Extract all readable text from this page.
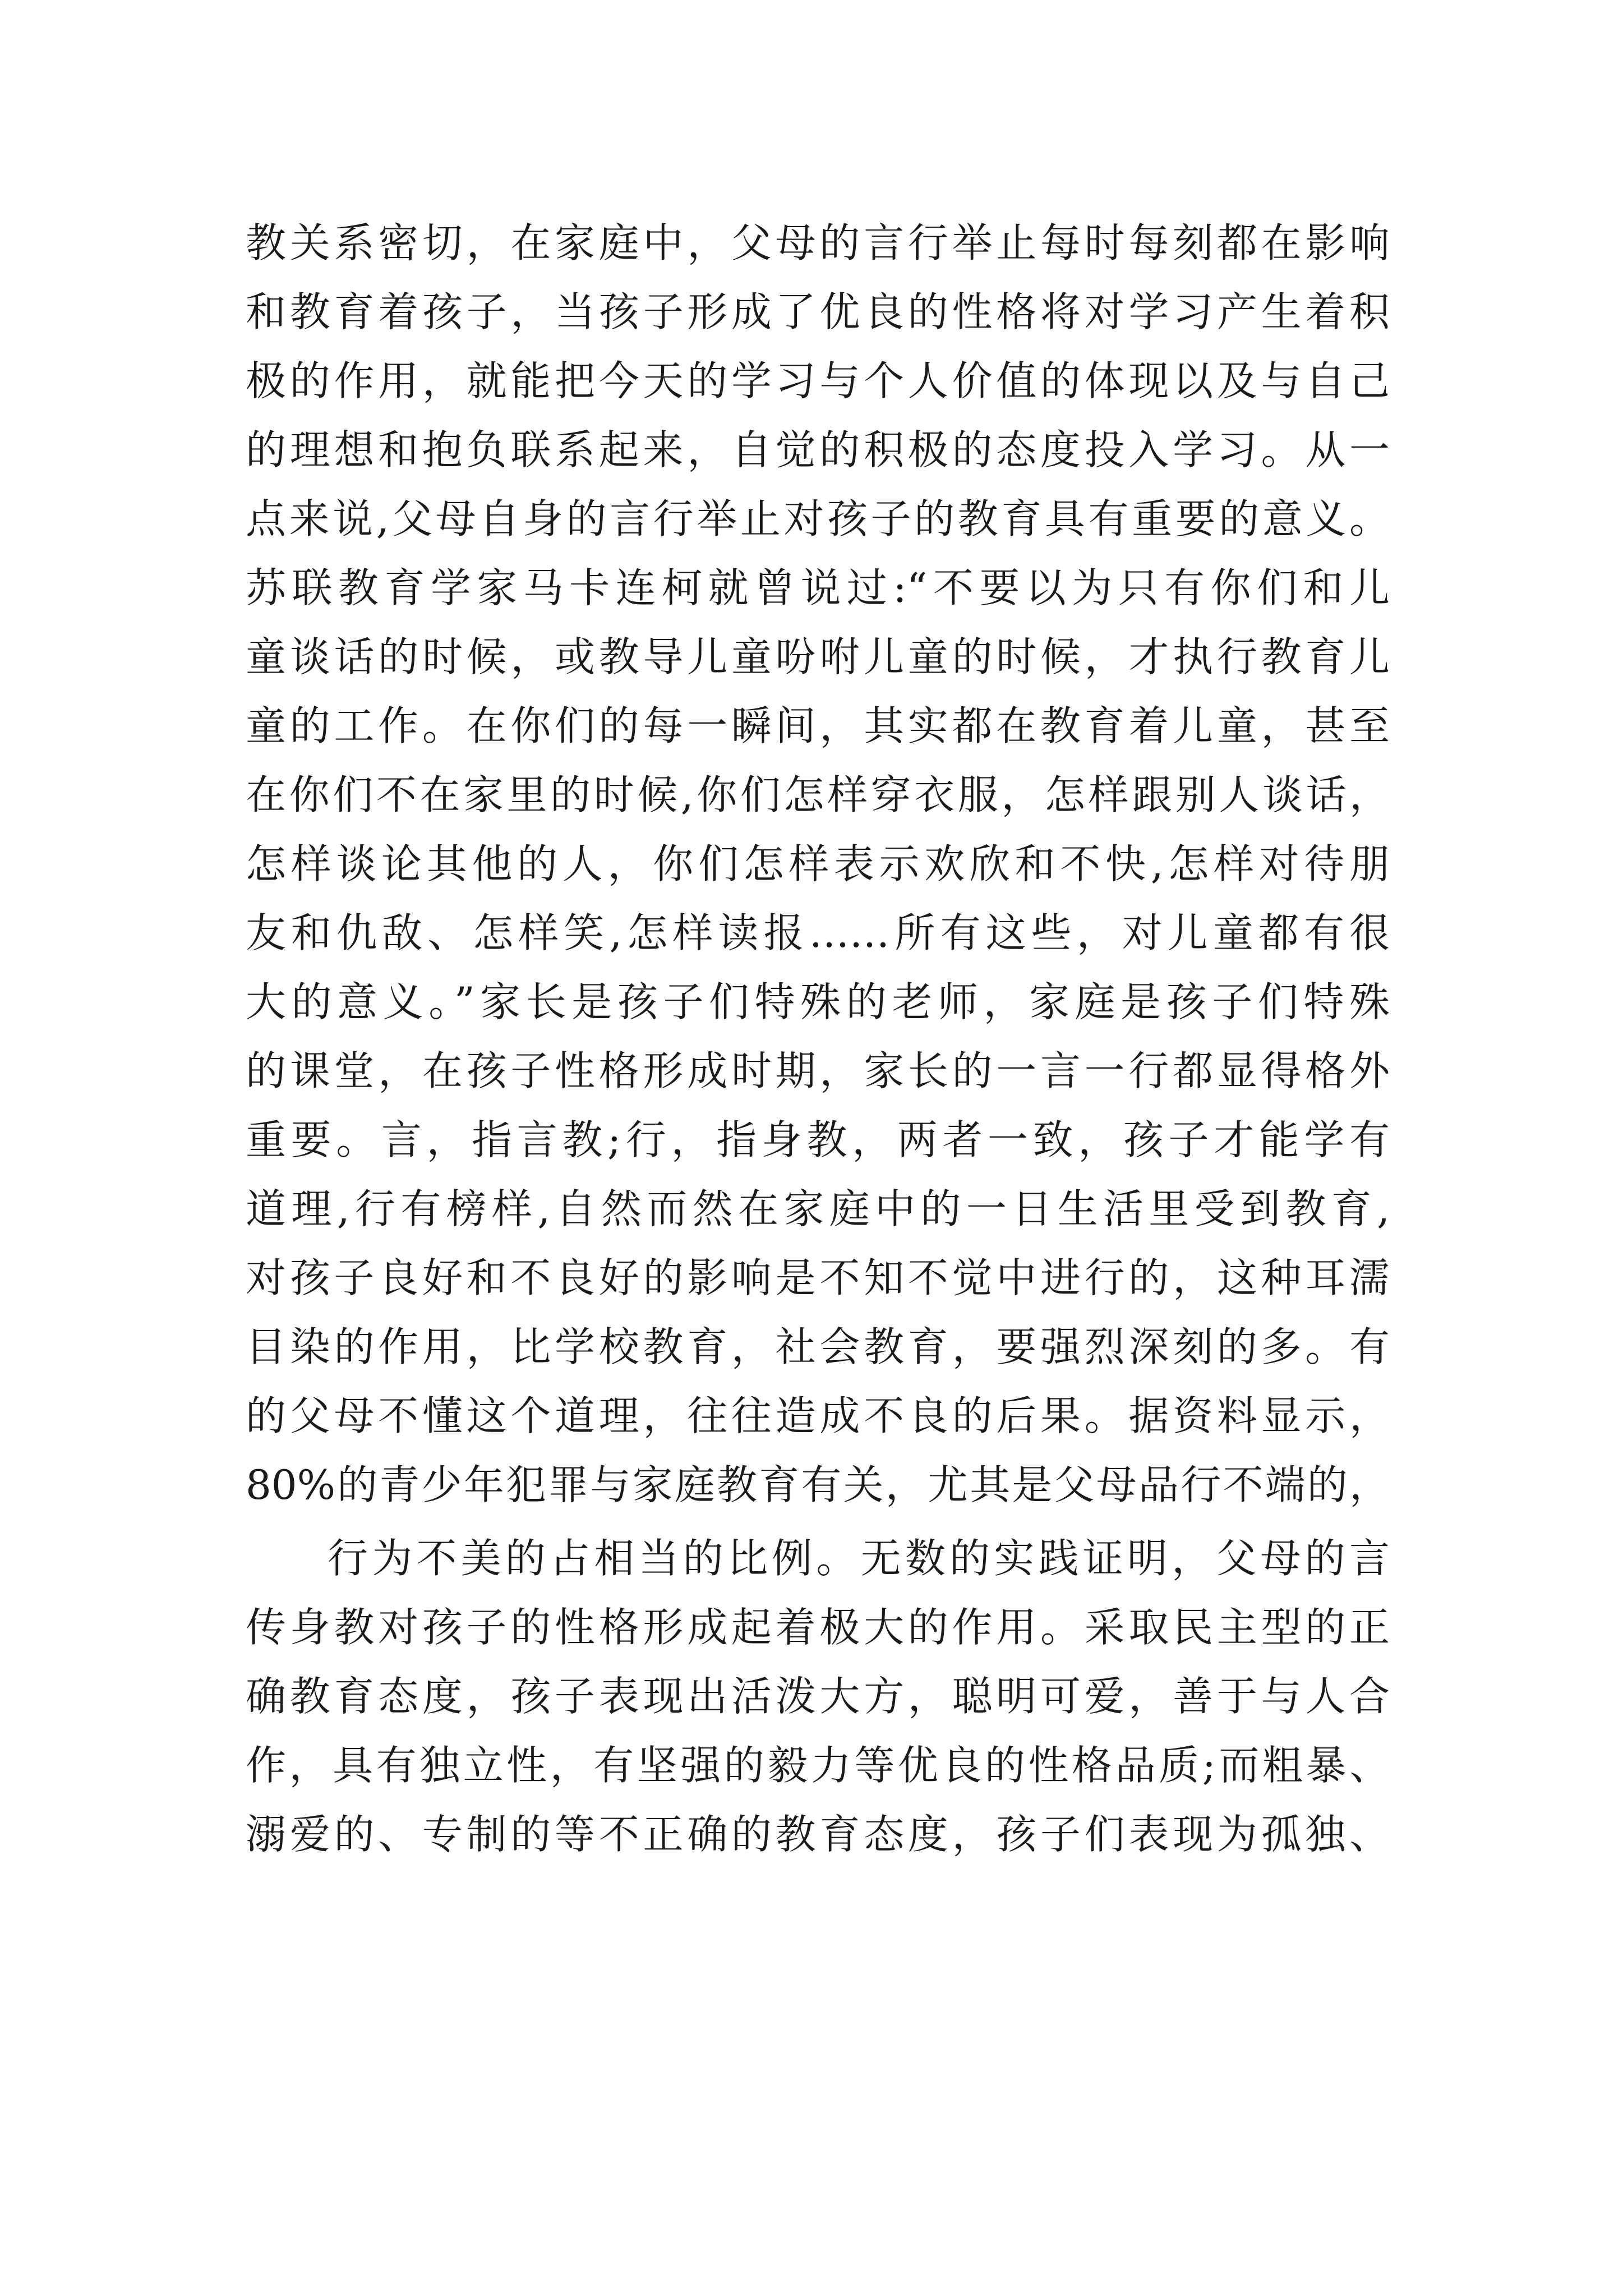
教关系密切，在家庭中，父母的言行举止每时每刻都在影响
和教育着孩子，当孩子形成了优良的性格将对学习产生着积
极的作用，就能把今天的学习与个人价值的体现以及与自己
的理想和抱负联系起来，自觉的积极的态度投入学习。从一
点来说,父母自身的言行举止对孩子的教育具有重要的意义。
苏联教育学家马卡连柯就曾说过:“不要以为只有你们和儿
童谈话的时候，或教导儿童吩咐儿童的时候，才执行教育儿
童的工作。在你们的每一瞬间，其实都在教育着儿童，甚至
在你们不在家里的时候,你们怎样穿衣服，怎样跟别人谈话，
怎样谈论其他的人，你们怎样表示欢欣和不快,怎样对待朋
友和仇敌、怎样笑,怎样读报……所有这些，对儿童都有很
大的意义。”家长是孩子们特殊的老师，家庭是孩子们特殊
的课堂，在孩子性格形成时期，家长的一言一行都显得格外
重要。言，指言教;行，指身教，两者一致，孩子才能学有
道理,行有榜样,自然而然在家庭中的一日生活里受到教育,
对孩子良好和不良好的影响是不知不觉中进行的，这种耳濡
目染的作用，比学校教育，社会教育，要强烈深刻的多。有
的父母不懂这个道理，往往造成不良的后果。据资料显示，
80%的青少年犯罪与家庭教育有关，尤其是父母品行不端的，
行为不美的占相当的比例。无数的实践证明，父母的言
传身教对孩子的性格形成起着极大的作用。采取民主型的正
确教育态度，孩子表现出活泼大方，聪明可爱，善于与人合
作，具有独立性，有坚强的毅力等优良的性格品质;而粗暴、
溺爱的、专制的等不正确的教育态度，孩子们表现为孤独、
